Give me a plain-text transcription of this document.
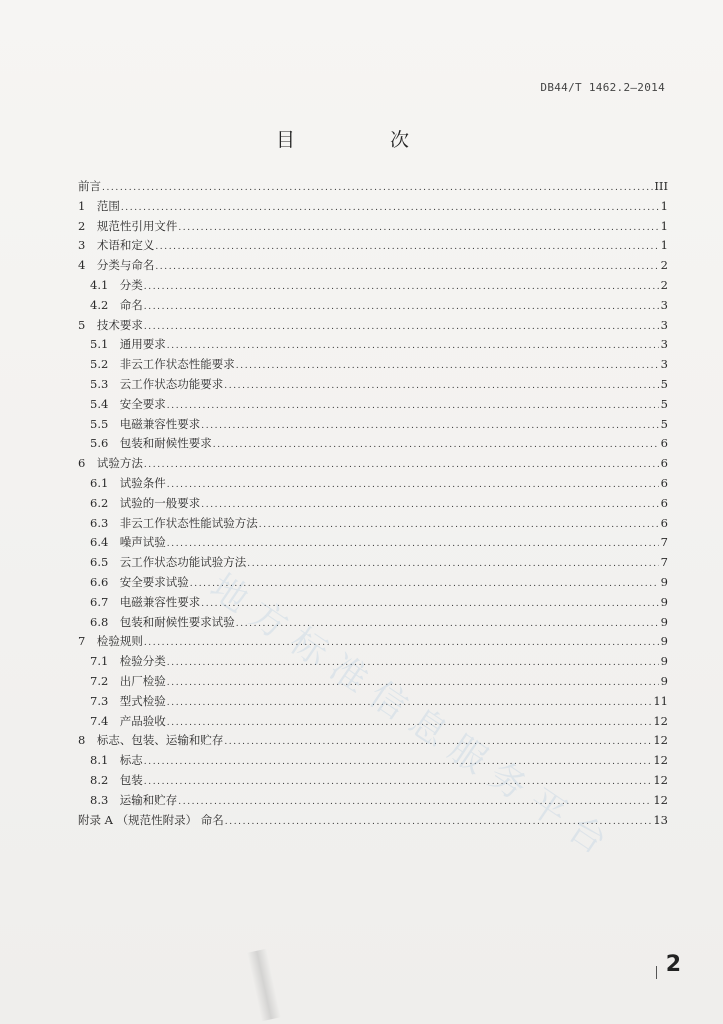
DB44/T 1462.2—2014
目　次
前言 .....	III
1　范围 .....	1
2　规范性引用文件 .....	1
3　术语和定义 .....	1
4　分类与命名 .....	2
4.1　分类 .....	2
4.2　命名 .....	3
5　技术要求 .....	3
5.1　通用要求 .....	3
5.2　非云工作状态性能要求 .....	3
5.3　云工作状态功能要求 .....	5
5.4　安全要求 .....	5
5.5　电磁兼容性要求 .....	5
5.6　包装和耐候性要求 .....	6
6　试验方法 .....	6
6.1　试验条件 .....	6
6.2　试验的一般要求 .....	6
6.3　非云工作状态性能试验方法 .....	6
6.4　噪声试验 .....	7
6.5　云工作状态功能试验方法 .....	7
6.6　安全要求试验 .....	9
6.7　电磁兼容性要求 .....	9
6.8　包装和耐候性要求试验 .....	9
7　检验规则 .....	9
7.1　检验分类 .....	9
7.2　出厂检验 .....	9
7.3　型式检验 .....	11
7.4　产品验收 .....	12
8　标志、包装、运输和贮存 .....	12
8.1　标志 .....	12
8.2　包装 .....	12
8.3　运输和贮存 .....	12
附录 A （规范性附录） 命名 .....	13
地方标准信息服务平台
2
